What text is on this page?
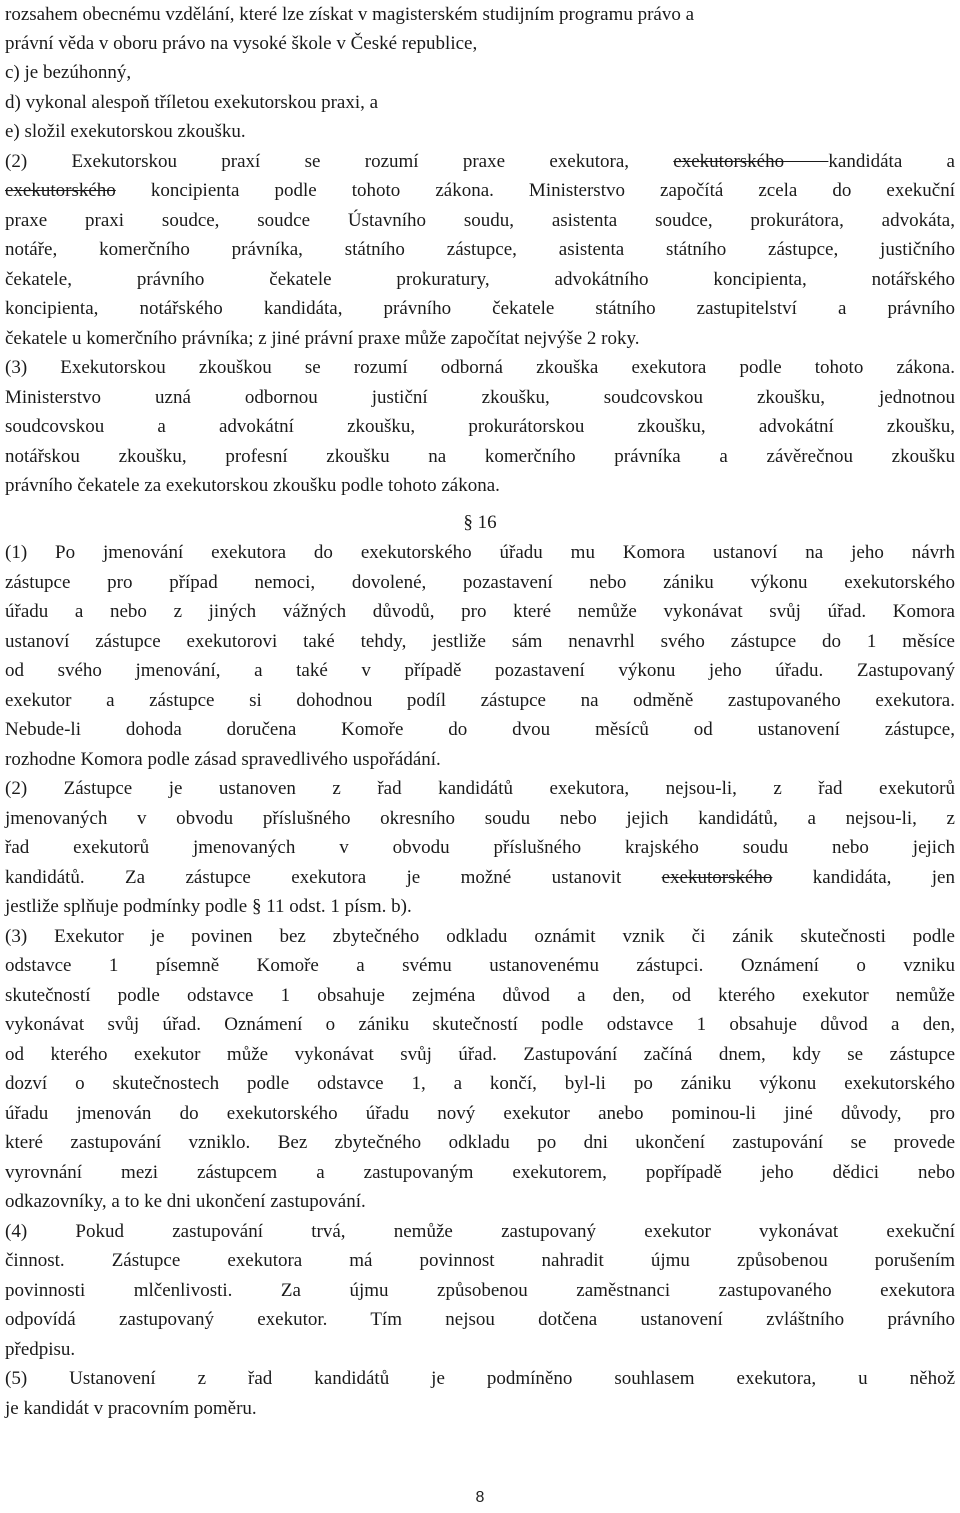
rozsahem obecnému vzdělání, které lze získat v magisterském studijním programu právo a
právní věda v oboru právo na vysoké škole v České republice,
c) je bezúhonný,
d) vykonal alespoň tříletou exekutorskou praxi, a
e) složil exekutorskou zkoušku.
(2) Exekutorskou praxí se rozumí praxe exekutora, exekutorského kandidáta a
exekutorského koncipienta podle tohoto zákona. Ministerstvo započítá zcela do exekuční
praxe praxi soudce, soudce Ústavního soudu, asistenta soudce, prokurátora, advokáta,
notáře, komerčního právníka, státního zástupce, asistenta státního zástupce, justičního
čekatele, právního čekatele prokuratury, advokátního koncipienta, notářského
koncipienta, notářského kandidáta, právního čekatele státního zastupitelství a právního
čekatele u komerčního právníka; z jiné právní praxe může započítat nejvýše 2 roky.
(3) Exekutorskou zkouškou se rozumí odborná zkouška exekutora podle tohoto zákona.
Ministerstvo uzná odbornou justiční zkoušku, soudcovskou zkoušku, jednotnou
soudcovskou a advokátní zkoušku, prokurátorskou zkoušku, advokátní zkoušku,
notářskou zkoušku, profesní zkoušku na komerčního právníka a závěrečnou zkoušku
právního čekatele za exekutorskou zkoušku podle tohoto zákona.
§ 16
(1) Po jmenování exekutora do exekutorského úřadu mu Komora ustanoví na jeho návrh
zástupce pro případ nemoci, dovolené, pozastavení nebo zániku výkonu exekutorského
úřadu a nebo z jiných vážných důvodů, pro které nemůže vykonávat svůj úřad. Komora
ustanoví zástupce exekutorovi také tehdy, jestliže sám nenavrhl svého zástupce do 1 měsíce
od svého jmenování, a také v případě pozastavení výkonu jeho úřadu. Zastupovaný
exekutor a zástupce si dohodnou podíl zástupce na odměně zastupovaného exekutora.
Nebude-li dohoda doručena Komoře do dvou měsíců od ustanovení zástupce,
rozhodne Komora podle zásad spravedlivého uspořádání.
(2) Zástupce je ustanoven z řad kandidátů exekutora, nejsou-li, z řad exekutorů
jmenovaných v obvodu příslušného okresního soudu nebo jejich kandidátů, a nejsou-li, z
řad exekutorů jmenovaných v obvodu příslušného krajského soudu nebo jejich
kandidátů. Za zástupce exekutora je možné ustanovit exekutorského kandidáta, jen
jestliže splňuje podmínky podle § 11 odst. 1 písm. b).
(3) Exekutor je povinen bez zbytečného odkladu oznámit vznik či zánik skutečnosti podle
odstavce 1 písemně Komoře a svému ustanovenému zástupci. Oznámení o vzniku
skutečností podle odstavce 1 obsahuje zejména důvod a den, od kterého exekutor nemůže
vykonávat svůj úřad. Oznámení o zániku skutečností podle odstavce 1 obsahuje důvod a den,
od kterého exekutor může vykonávat svůj úřad. Zastupování začíná dnem, kdy se zástupce
dozví o skutečnostech podle odstavce 1, a končí, byl-li po zániku výkonu exekutorského
úřadu jmenován do exekutorského úřadu nový exekutor anebo pominou-li jiné důvody, pro
které zastupování vzniklo. Bez zbytečného odkladu po dni ukončení zastupování se provede
vyrovnání mezi zástupcem a zastupovaným exekutorem, popřípadě jeho dědici nebo
odkazovníky, a to ke dni ukončení zastupování.
(4) Pokud zastupování trvá, nemůže zastupovaný exekutor vykonávat exekuční
činnost. Zástupce exekutora má povinnost nahradit újmu způsobenou porušením
povinnosti mlčenlivosti. Za újmu způsobenou zaměstnanci zastupovaného exekutora
odpovídá zastupovaný exekutor. Tím nejsou dotčena ustanovení zvláštního právního
předpisu.
(5) Ustanovení z řad kandidátů je podmíněno souhlasem exekutora, u něhož
je kandidát v pracovním poměru.
8
